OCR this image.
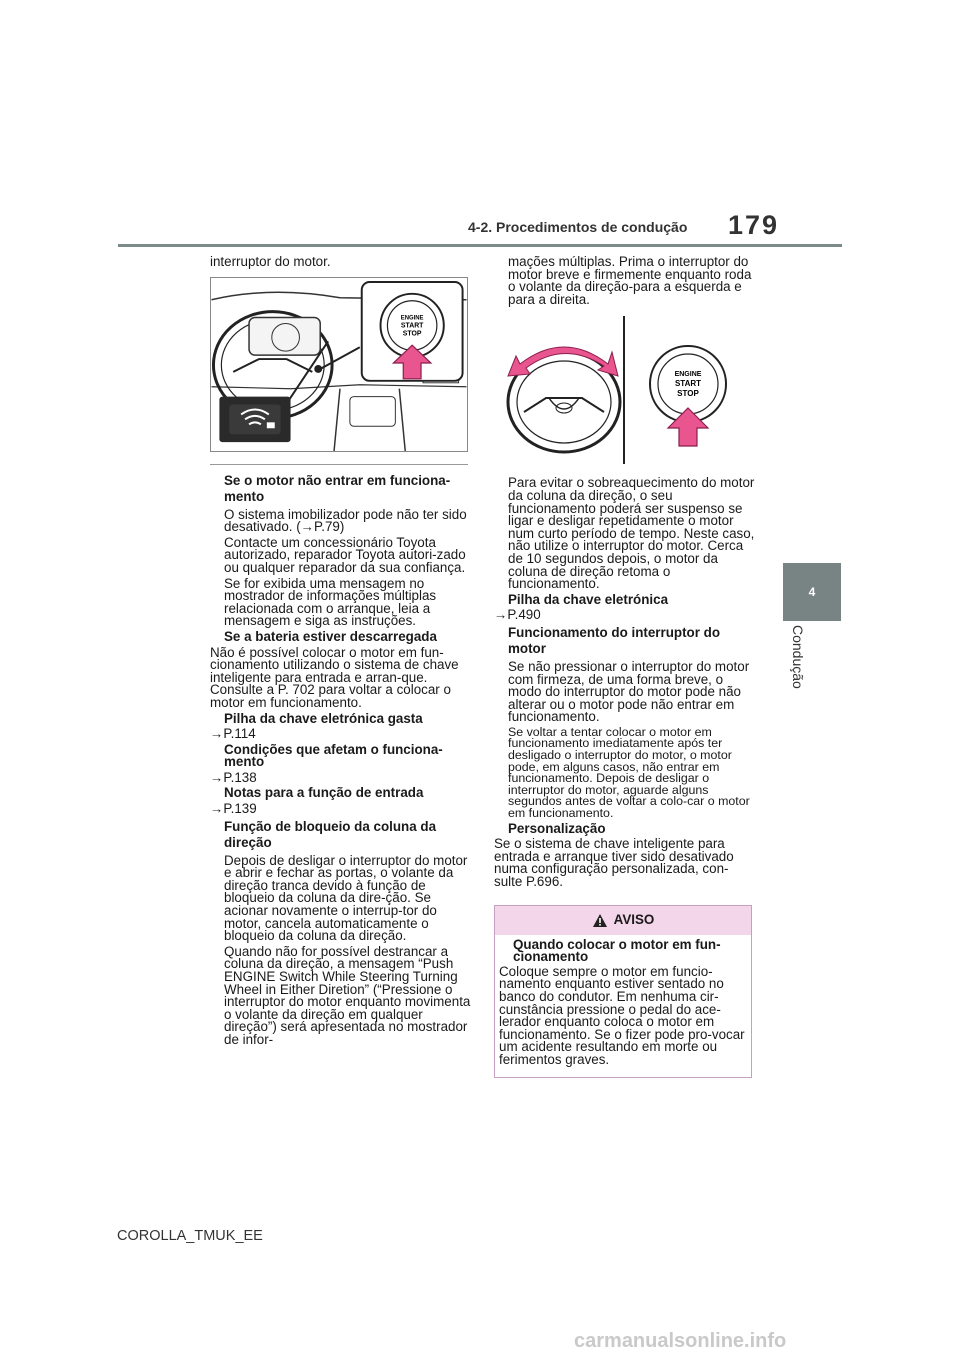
4-2. Procedimentos de condução 179
4
Condução

interruptor do motor.

ENGINE
START
STOP

Se o motor não entrar em funciona-mento

O sistema imobilizador pode não ter sido desativado. (→P.79)

Contacte um concessionário Toyota autorizado, reparador Toyota autori-zado ou qualquer reparador da sua confiança.

Se for exibida uma mensagem no mostrador de informações múltiplas relacionada com o arranque, leia a mensagem e siga as instruções.

Se a bateria estiver descarregada

Não é possível colocar o motor em fun-cionamento utilizando o sistema de chave inteligente para entrada e arran-que. Consulte a P. 702 para voltar a colocar o motor em funcionamento.

Pilha da chave eletrónica gasta

→P.114

Condições que afetam o funciona-mento

→P.138

Notas para a função de entrada

→P.139

Função de bloqueio da coluna da direção

Depois de desligar o interruptor do motor e abrir e fechar as portas, o volante da direção tranca devido à função de bloqueio da coluna da dire-ção. Se acionar novamente o interrup-tor do motor, cancela automaticamente o bloqueio da coluna da direção.

Quando não for possível destrancar a coluna da direção, a mensagem “Push ENGINE Switch While Steering Turning Wheel in Either Diretion” (“Pressione o interruptor do motor enquanto movimenta o volante da direção em qualquer direção”) será apresentada no mostrador de infor-

mações múltiplas. Prima o interruptor do motor breve e firmemente enquanto roda o volante da direção-para a esquerda e para a direita.

ENGINE
START
STOP

Para evitar o sobreaquecimento do motor da coluna da direção, o seu funcionamento poderá ser suspenso se ligar e desligar repetidamente o motor num curto período de tempo. Neste caso, não utilize o interruptor do motor. Cerca de 10 segundos depois, o motor da coluna de direção retoma o funcionamento.

Pilha da chave eletrónica

→P.490

Funcionamento do interruptor do motor

Se não pressionar o interruptor do motor com firmeza, de uma forma breve, o modo do interruptor do motor pode não alterar ou o motor pode não entrar em funcionamento.

Se voltar a tentar colocar o motor em funcionamento imediatamente após ter desligado o interruptor do motor, o motor pode, em alguns casos, não entrar em funcionamento. Depois de desligar o interruptor do motor, aguarde alguns segundos antes de voltar a colo-car o motor em funcionamento.

Personalização

Se o sistema de chave inteligente para entrada e arranque tiver sido desativado numa configuração personalizada, con-sulte P.696.

AVISO

Quando colocar o motor em fun-cionamento

Coloque sempre o motor em funcio-namento enquanto estiver sentado no banco do condutor. Em nenhuma cir-cunstância pressione o pedal do ace-lerador enquanto coloca o motor em funcionamento. Se o fizer pode pro-vocar um acidente resultando em morte ou ferimentos graves.

COROLLA_TMUK_EE
carmanualsonline.info
